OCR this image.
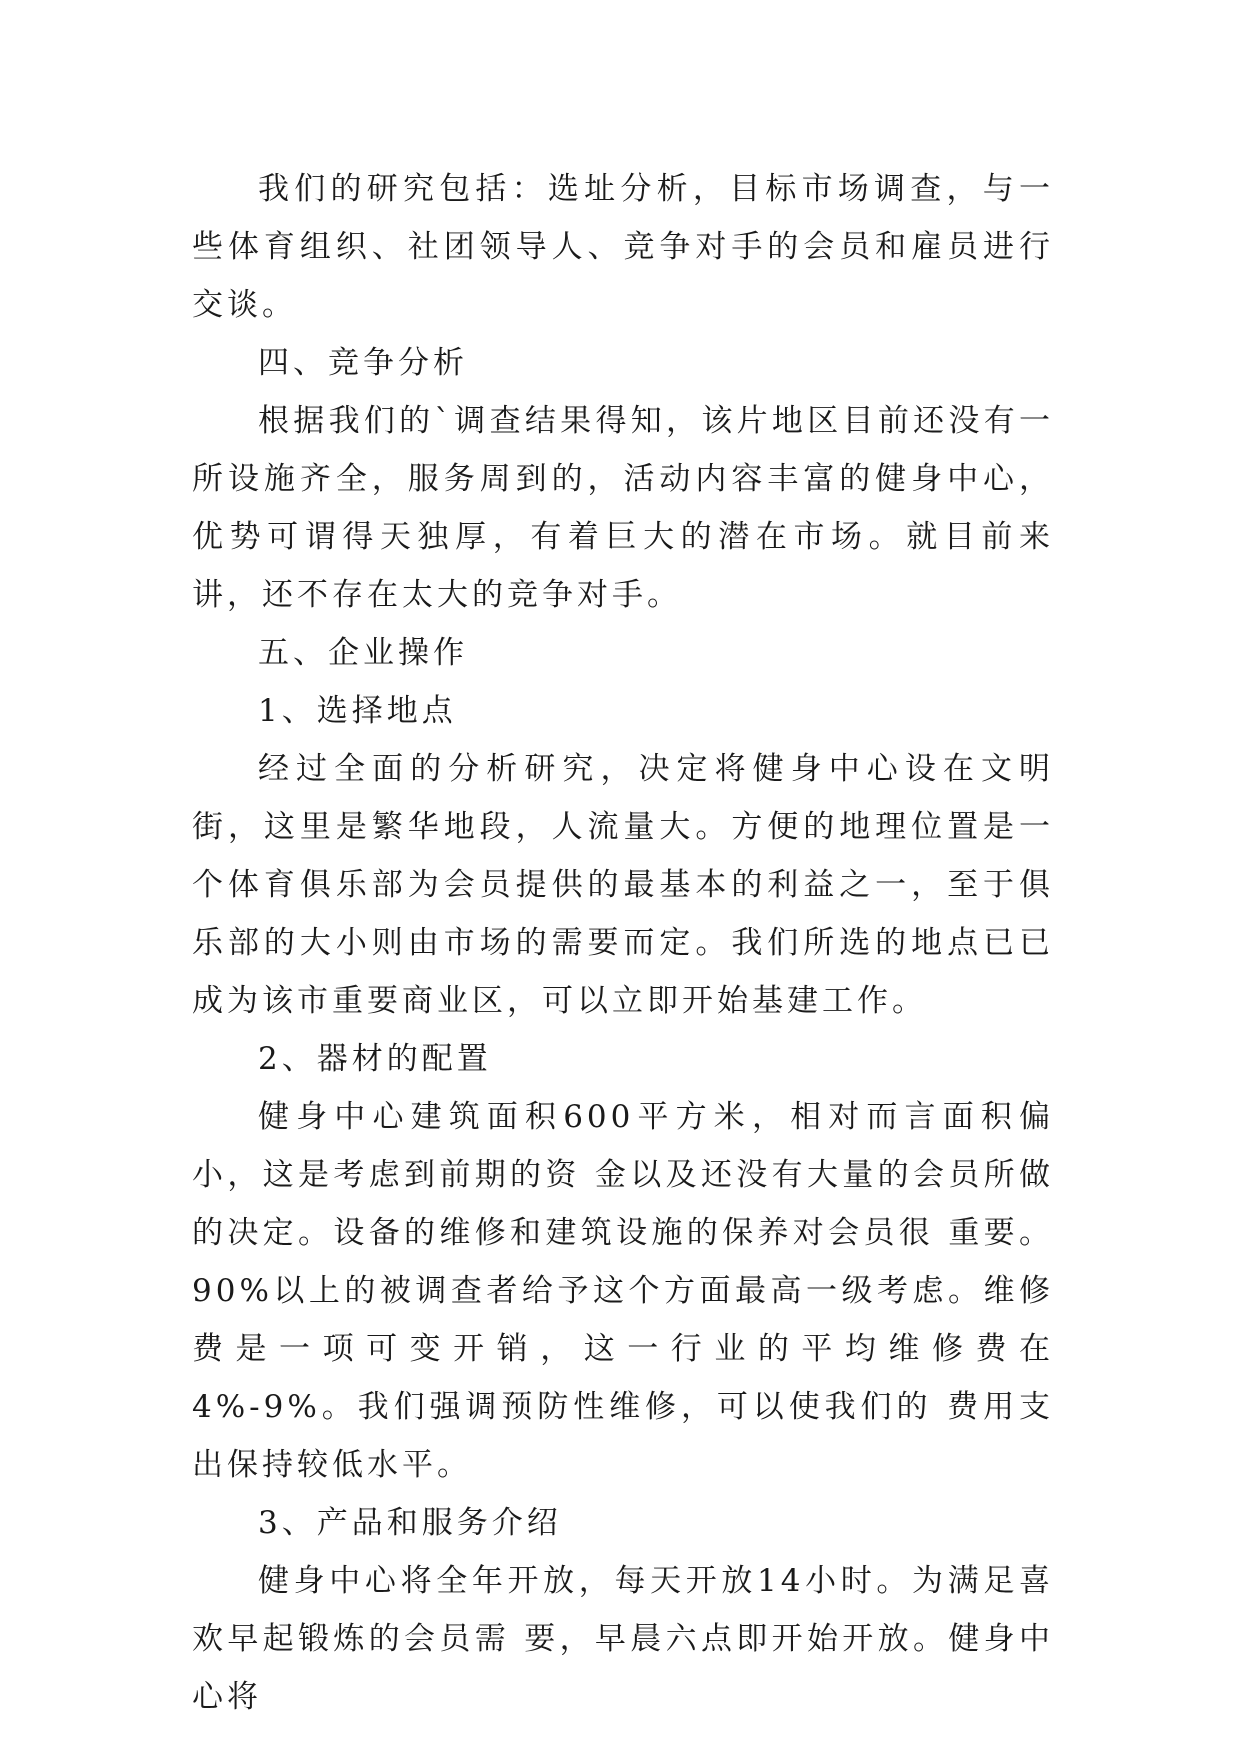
我们的研究包括：选址分析，目标市场调查，与一些体育组织、社团领导人、竞争对手的会员和雇员进行交谈。

四、竞争分析

根据我们的`调查结果得知，该片地区目前还没有一所设施齐全，服务周到的，活动内容丰富的健身中心，优势可谓得天独厚，有着巨大的潜在市场。就目前来讲，还不存在太大的竞争对手。

五、企业操作

1、选择地点

经过全面的分析研究，决定将健身中心设在文明街，这里是繁华地段，人流量大。方便的地理位置是一个体育俱乐部为会员提供的最基本的利益之一，至于俱乐部的大小则由市场的需要而定。我们所选的地点已已成为该市重要商业区，可以立即开始基建工作。

2、器材的配置

健身中心建筑面积600平方米，相对而言面积偏小，这是考虑到前期的资 金以及还没有大量的会员所做的决定。设备的维修和建筑设施的保养对会员很 重要。90%以上的被调查者给予这个方面最高一级考虑。维修费是一项可变开销，这一行业的平均维修费在4%-9%。我们强调预防性维修，可以使我们的 费用支出保持较低水平。

3、产品和服务介绍

健身中心将全年开放，每天开放14小时。为满足喜欢早起锻炼的会员需 要，早晨六点即开始开放。健身中心将
